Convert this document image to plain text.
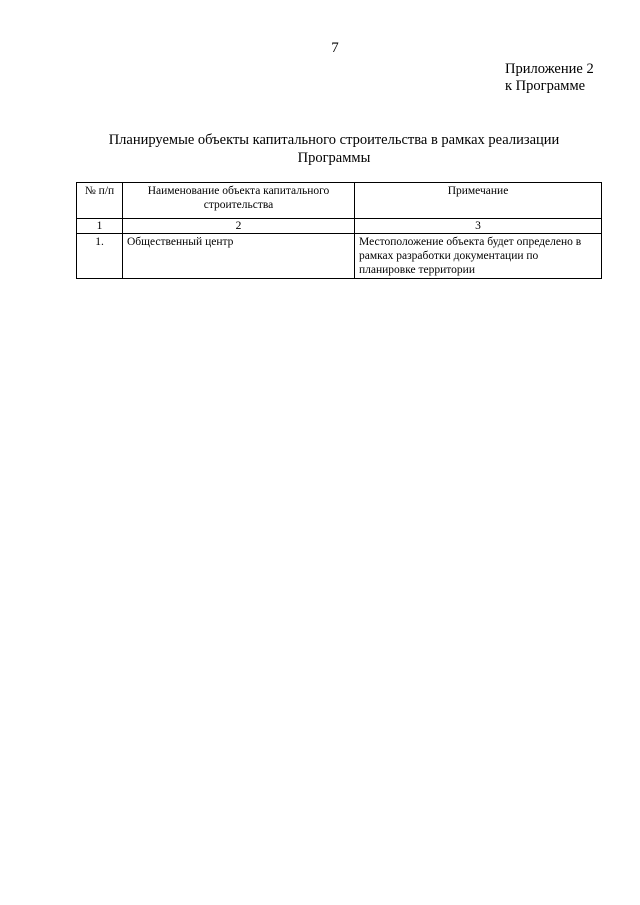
7
Приложение 2
к Программе
Планируемые объекты капитального строительства в рамках реализации
Программы
№ п/п	Наименование объекта капитального строительства	Примечание
1	2	3
1.	Общественный центр	Местоположение объекта будет определено в рамках разработки документации по планировке территории
